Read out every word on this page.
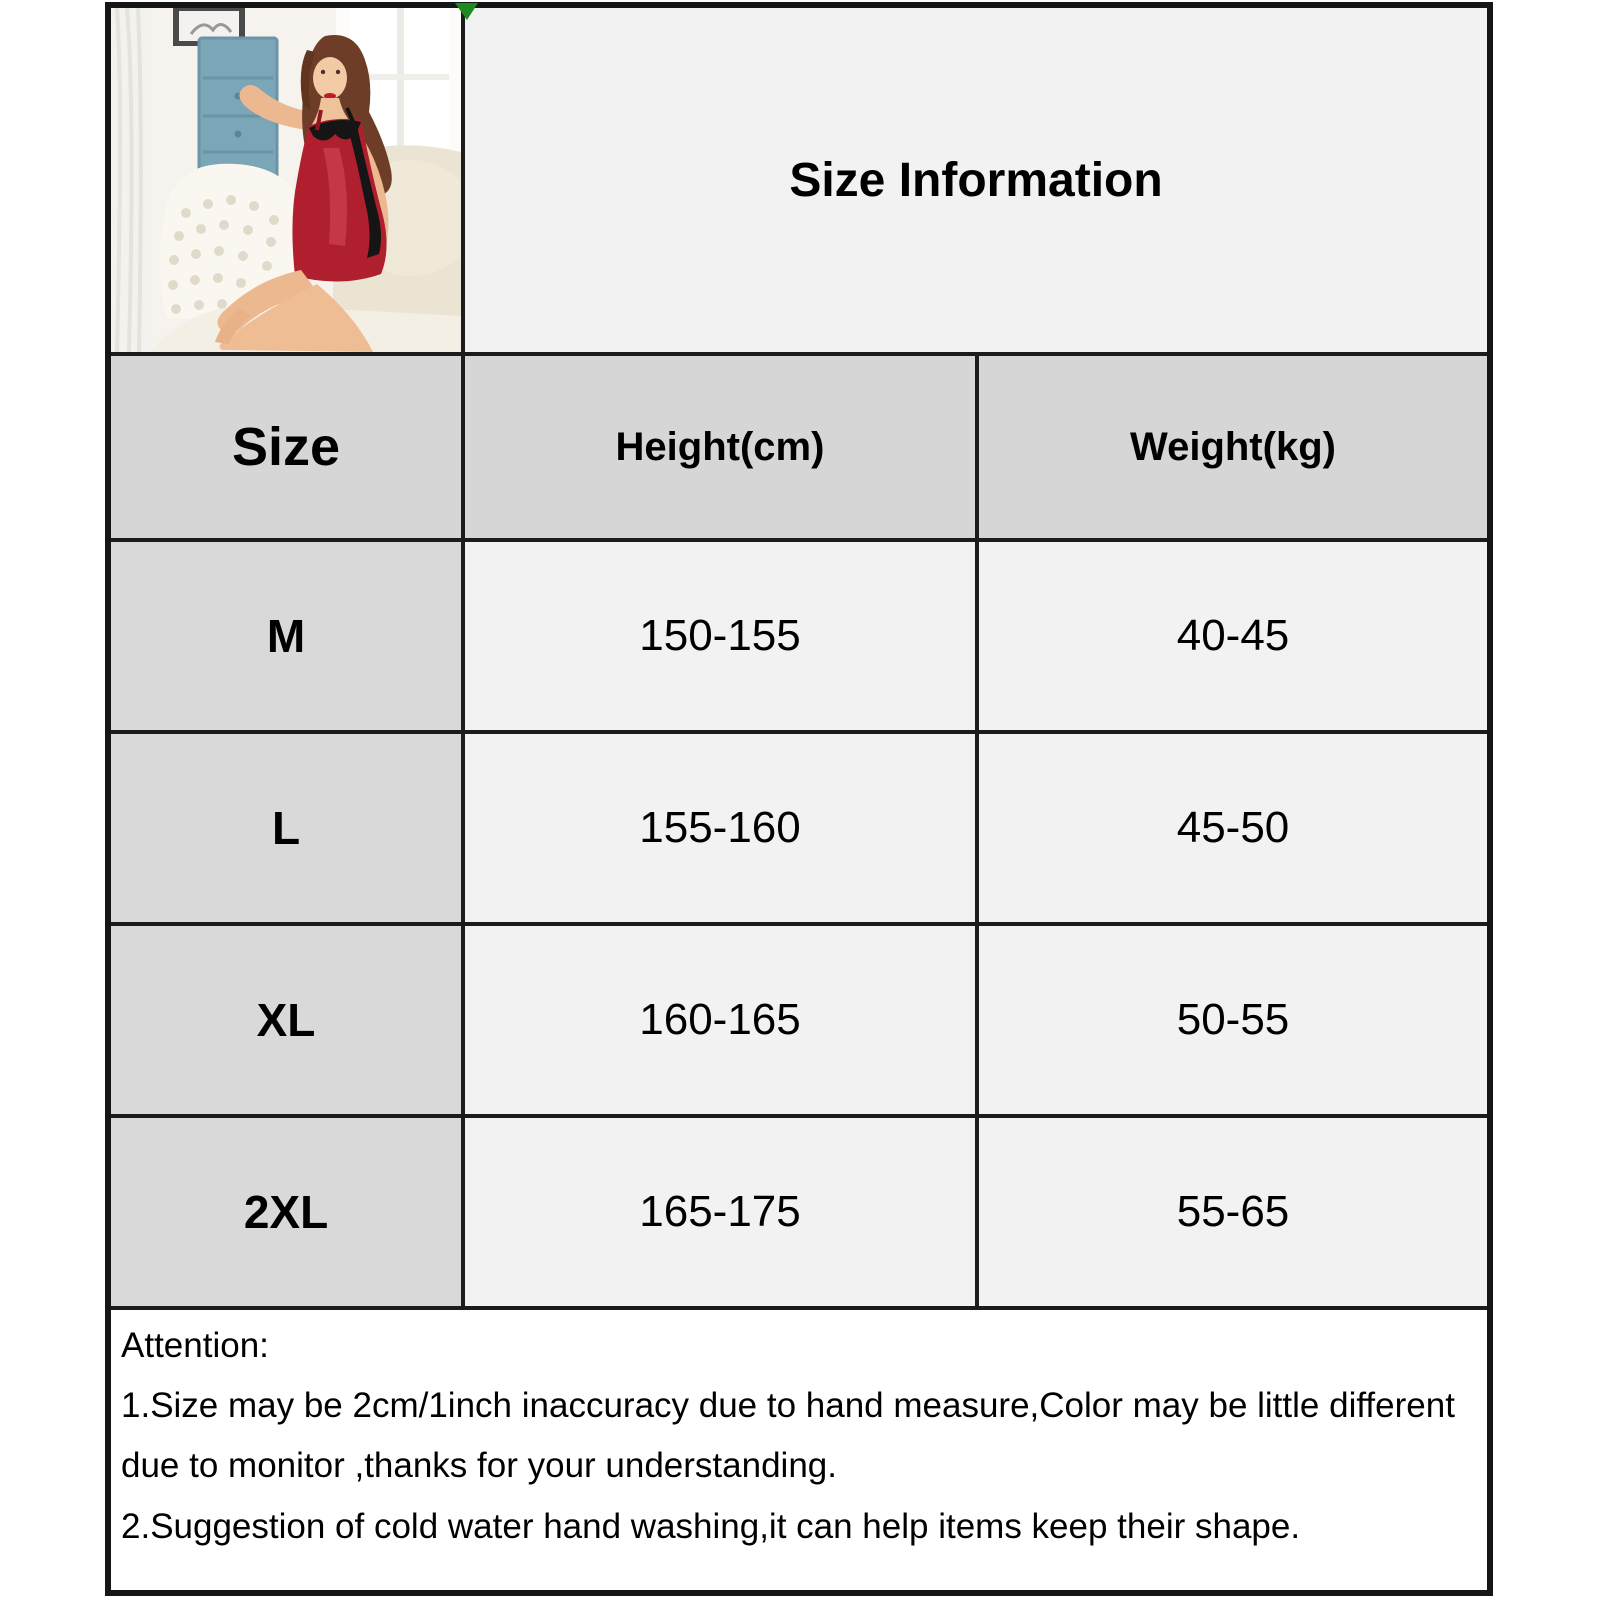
Size Information
Size	Height(cm)	Weight(kg)
M	150-155	40-45
L	155-160	45-50
XL	160-165	50-55
2XL	165-175	55-65

Attention:

1.Size may be 2cm/1inch inaccuracy due to hand measure,Color may be little different due to monitor ,thanks for your understanding.

2.Suggestion of cold water hand washing,it can help items keep their shape.
